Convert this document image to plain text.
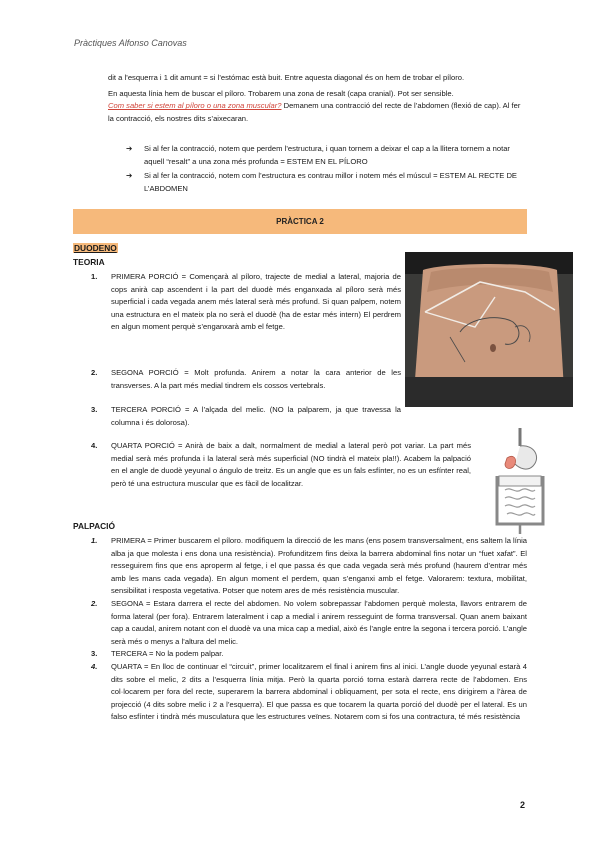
Pràctiques Alfonso Canovas

dit a l’esquerra i 1 dit amunt = si l’estómac està buit. Entre aquesta diagonal és on hem de trobar el píloro.

En aquesta línia hem de buscar el píloro. Trobarem una zona de resalt (capa cranial). Pot ser sensible.

Com saber si estem al píloro o una zona muscular? Demanem una contracció del recte de l’abdomen (flexió de cap). Al fer la contracció, els nostres dits s’aixecaran.

➔ Si al fer la contracció, notem que perdem l’estructura, i quan tornem a deixar el cap a la llitera tornem a notar aquell “resalt” a una zona més profunda = ESTEM EN EL PÍLORO
➔ Si al fer la contracció, notem com l’estructura es contrau millor i notem més el múscul = ESTEM AL RECTE DE L’ABDOMEN
PRÀCTICA 2
DUODENO
TEORIA
1. PRIMERA PORCIÓ = Començarà al píloro, trajecte de medial a lateral, majoria de cops anirà cap ascendent i la part del duodè més enganxada al píloro serà més superficial i cada vegada anem més lateral serà més profund. Si quan palpem, notem una estructura en el mateix pla no serà el duodè (ha de estar més intern) El perdrem en algun moment perquè s’enganxarà amb el fetge.
2. SEGONA PORCIÓ = Molt profunda. Anirem a notar la cara anterior de les transverses. A la part més medial tindrem els cossos vertebrals.
3. TERCERA PORCIÓ = A l’alçada del melic. (NO la palparem, ja que travessa la columna i és dolorosa).
4. QUARTA PORCIÓ = Anirà de baix a dalt, normalment de medial a lateral però pot variar. La part més medial serà més profunda i la lateral serà més superficial (NO tindrà el mateix pla!!). Acabem la palpació en el angle de duodè yeyunal o ángulo de treitz. Es un angle que es un fals esfínter, no es un esfínter real, però té una estructura muscular que es fàcil de localitzar.
PALPACIÓ
1. PRIMERA = Primer buscarem el píloro. modifiquem la direcció de les mans (ens posem transversalment, ens saltem la línia alba ja que molesta i ens dona una resistència). Profunditzem fins deixa la barrera abdominal fins notar un “fuet xafat”. El resseguirem fins que ens aproperm al fetge, i el que passa és que cada vegada serà més profund (haurem d’entrar més amb les mans cada vegada). En algun moment el perdem, quan s’enganxi amb el fetge. Valorarem: textura, mobilitat, sensibilitat i resposta vegetativa. Potser que notem ares de més resistència muscular.
2. SEGONA = Estara darrera el recte del abdomen. No volem sobrepassar l’abdomen perquè molesta, llavors entrarem de forma lateral (per fora). Entrarem lateralment i cap a medial i anirem resseguint de forma transversal. Quan anem baixant cap a caudal, anirem notant con el duodè va una mica cap a medial, això és l’angle entre la segona i tercera porció. L’angle serà més o menys a l’altura del melic.
3. TERCERA = No la podem palpar.
4. QUARTA = En lloc de continuar el “circuit”, primer localitzarem el final i anirem fins al inici. L’angle duode yeyunal estarà 4 dits sobre el melic, 2 dits a l’esquerra línia mitja. Però la quarta porció torna estarà darrera recte de l’abdomen. Ens col·locarem per fora del recte, superarem la barrera abdominal i obliquament, per sota el recte, ens dirigirem a l’àrea de projecció (4 dits sobre melic i 2 a l’esquerra). El que passa es que tocarem la quarta porció del duodè per el lateral. Es un falso esfínter i tindrà més musculatura que les estructures veïnes. Notarem com si fos una contractura, té més resistència
2
